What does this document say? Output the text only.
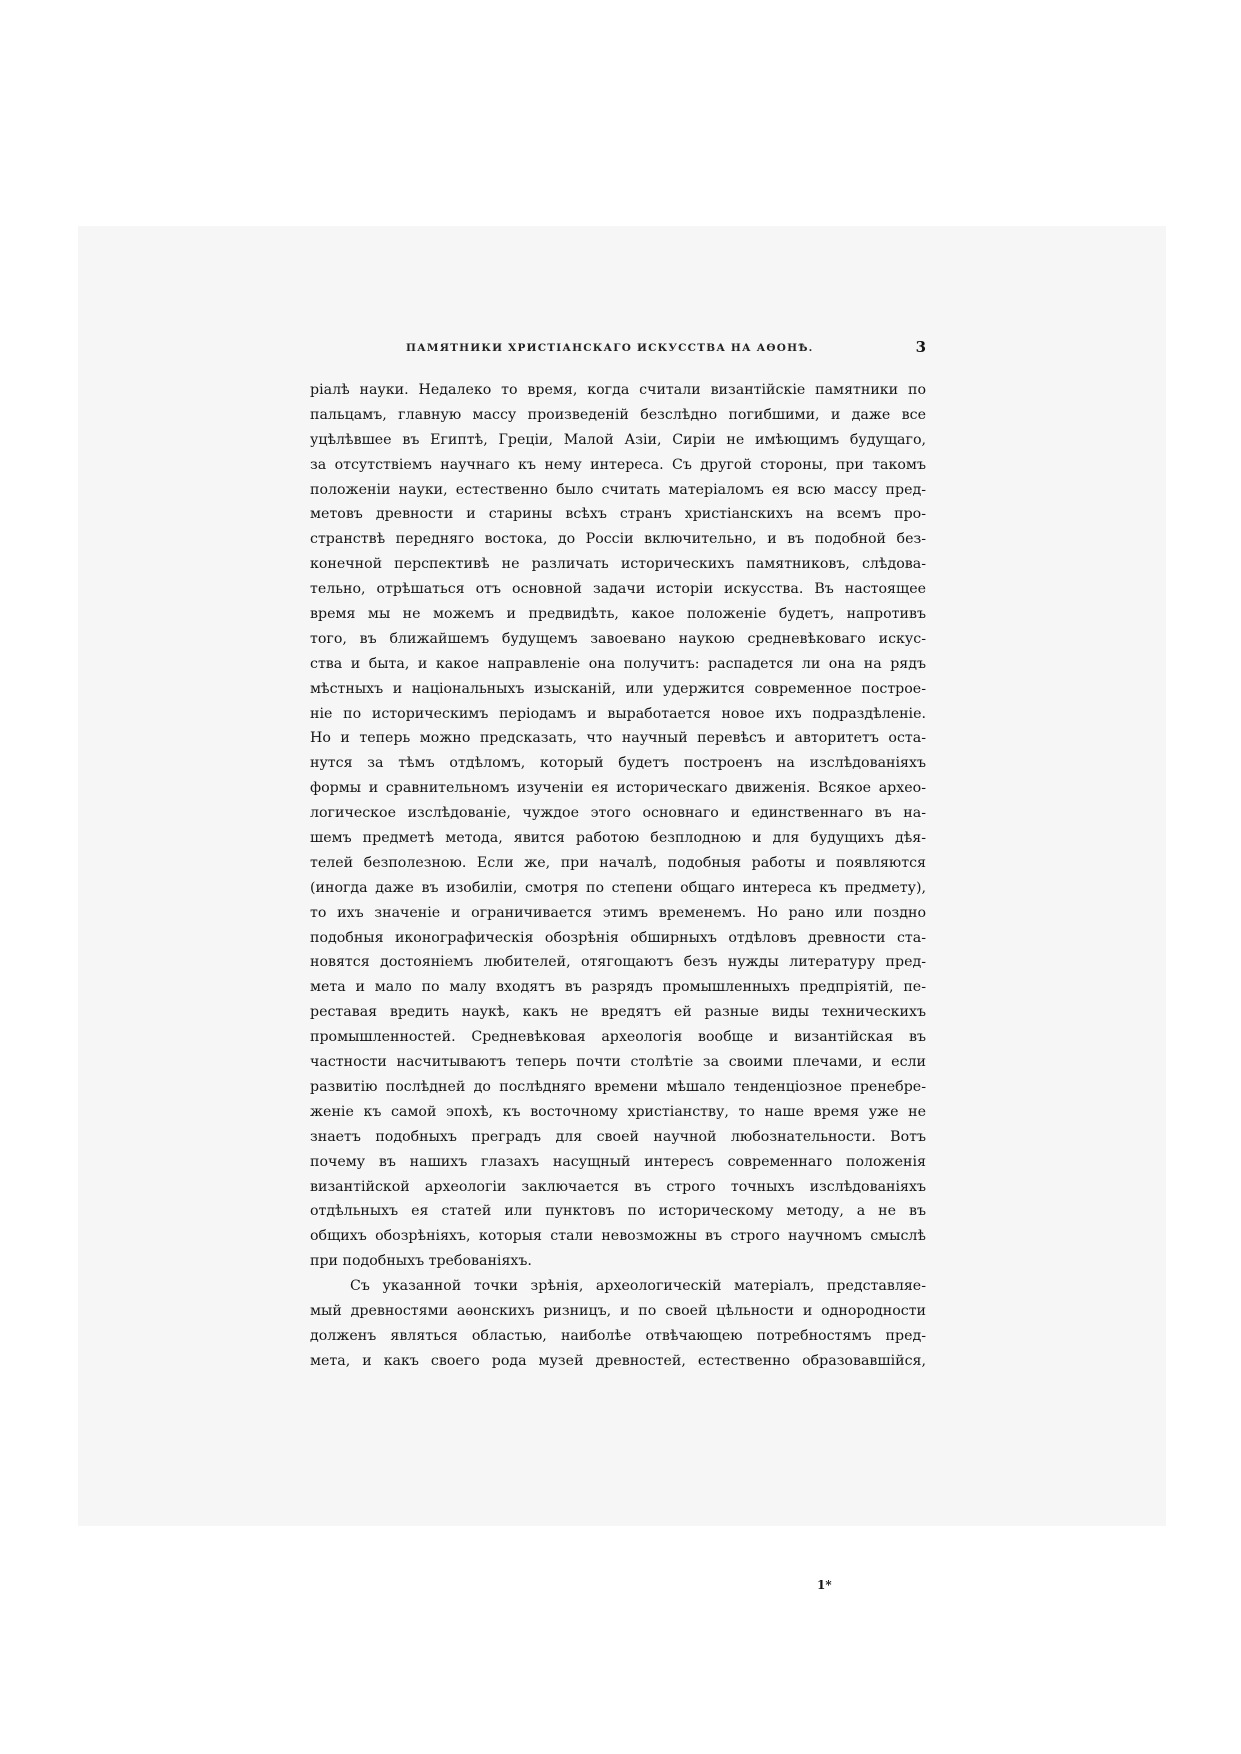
ПАМЯТНИКИ ХРИСТІАНСКАГО ИСКУССТВА НА АѲОНѢ.	3
ріалѣ науки. Недалеко то время, когда считали византійскіе памятники по
пальцамъ, главную массу произведеній безслѣдно погибшими, и даже все
уцѣлѣвшее въ Египтѣ, Греціи, Малой Азіи, Сиріи не имѣющимъ будущаго,
за отсутствіемъ научнаго къ нему интереса. Съ другой стороны, при такомъ
положеніи науки, естественно было считать матеріаломъ ея всю массу пред-
метовъ древности и старины всѣхъ странъ христіанскихъ на всемъ про-
странствѣ передняго востока, до Россіи включительно, и въ подобной без-
конечной перспективѣ не различать историческихъ памятниковъ, слѣдова-
тельно, отрѣшаться отъ основной задачи исторіи искусства. Въ настоящее
время мы не можемъ и предвидѣть, какое положеніе будетъ, напротивъ
того, въ ближайшемъ будущемъ завоевано наукою средневѣковаго искус-
ства и быта, и какое направленіе она получитъ: распадется ли она на рядъ
мѣстныхъ и національныхъ изысканій, или удержится современное построе-
ніе по историческимъ періодамъ и выработается новое ихъ подраздѣленіе.
Но и теперь можно предсказать, что научный перевѣсъ и авторитетъ оста-
нутся за тѣмъ отдѣломъ, который будетъ построенъ на изслѣдованіяхъ
формы и сравнительномъ изученіи ея историческаго движенія. Всякое археo-
логическое изслѣдованіе, чуждое этого основнаго и единственнаго въ на-
шемъ предметѣ метода, явится работою безплодною и для будущихъ дѣя-
телей безполезною. Если же, при началѣ, подобныя работы и появляются
(иногда даже въ изобиліи, смотря по степени общаго интереса къ предмету),
то ихъ значеніе и ограничивается этимъ временемъ. Но рано или поздно
подобныя иконографическія обозрѣнія обширныхъ отдѣловъ древности ста-
новятся достояніемъ любителей, отягощаютъ безъ нужды литературу пред-
мета и мало по малу входятъ въ разрядъ промышленныхъ предпріятій, пе-
реставая вредить наукѣ, какъ не вредятъ ей разные виды техническихъ
промышленностей. Средневѣковая археологія вообще и византійская въ
частности насчитываютъ теперь почти столѣтіе за своими плечами, и если
развитію послѣдней до послѣдняго времени мѣшало тенденціозное пренебре-
женіе къ самой эпохѣ, къ восточному христіанству, то наше время уже не
знаетъ подобныхъ преградъ для своей научной любознательности. Вотъ
почему въ нашихъ глазахъ насущный интересъ современнаго положенія
византійской археологіи заключается въ строго точныхъ изслѣдованіяхъ
отдѣльныхъ ея статей или пунктовъ по историческому методу, а не въ
общихъ обозрѣніяхъ, которыя стали невозможны въ строго научномъ смыслѣ
при подобныхъ требованіяхъ.
Съ указанной точки зрѣнія, археологическій матеріалъ, представляе-
мый древностями аѳонскихъ ризницъ, и по своей цѣльности и однородности
долженъ являться областью, наиболѣе отвѣчающею потребностямъ пред-
мета, и какъ своего рода музей древностей, естественно образовавшійся,
1*
